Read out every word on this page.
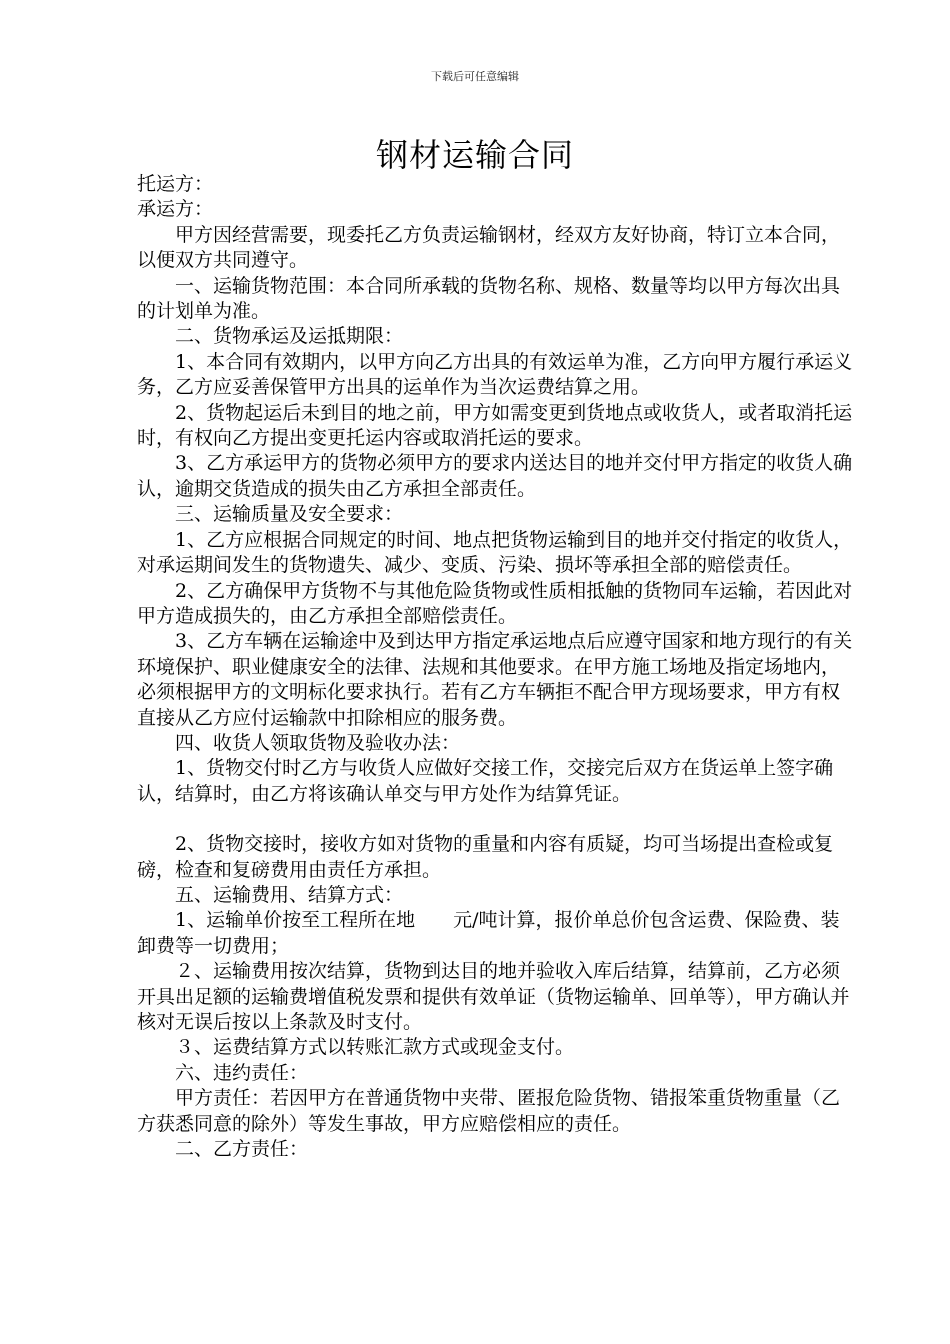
下载后可任意编辑
钢材运输合同

托运方：

承运方：

甲方因经营需要，现委托乙方负责运输钢材，经双方友好协商，特订立本合同，以便双方共同遵守。

一、运输货物范围：本合同所承载的货物名称、规格、数量等均以甲方每次出具的计划单为准。

二、货物承运及运抵期限：

1、本合同有效期内，以甲方向乙方出具的有效运单为准，乙方向甲方履行承运义务，乙方应妥善保管甲方出具的运单作为当次运费结算之用。

2、货物起运后未到目的地之前，甲方如需变更到货地点或收货人，或者取消托运时，有权向乙方提出变更托运内容或取消托运的要求。

3、乙方承运甲方的货物必须甲方的要求内送达目的地并交付甲方指定的收货人确认，逾期交货造成的损失由乙方承担全部责任。

三、运输质量及安全要求：

1、乙方应根据合同规定的时间、地点把货物运输到目的地并交付指定的收货人，对承运期间发生的货物遗失、减少、变质、污染、损坏等承担全部的赔偿责任。

2、乙方确保甲方货物不与其他危险货物或性质相抵触的货物同车运输，若因此对甲方造成损失的，由乙方承担全部赔偿责任。

3、乙方车辆在运输途中及到达甲方指定承运地点后应遵守国家和地方现行的有关环境保护、职业健康安全的法律、法规和其他要求。在甲方施工场地及指定场地内，必须根据甲方的文明标化要求执行。若有乙方车辆拒不配合甲方现场要求，甲方有权直接从乙方应付运输款中扣除相应的服务费。

四、收货人领取货物及验收办法：

1、货物交付时乙方与收货人应做好交接工作，交接完后双方在货运单上签字确认，结算时，由乙方将该确认单交与甲方处作为结算凭证。

2、货物交接时，接收方如对货物的重量和内容有质疑，均可当场提出查检或复磅，检查和复磅费用由责任方承担。

五、运输费用、结算方式：

1、运输单价按至工程所在地 元/吨计算，报价单总价包含运费、保险费、装卸费等一切费用；

２、运输费用按次结算，货物到达目的地并验收入库后结算，结算前，乙方必须开具出足额的运输费增值税发票和提供有效单证（货物运输单、回单等），甲方确认并核对无误后按以上条款及时支付。

３、运费结算方式以转账汇款方式或现金支付。

六、违约责任：

甲方责任：若因甲方在普通货物中夹带、匿报危险货物、错报笨重货物重量（乙方获悉同意的除外）等发生事故，甲方应赔偿相应的责任。

二、乙方责任：
